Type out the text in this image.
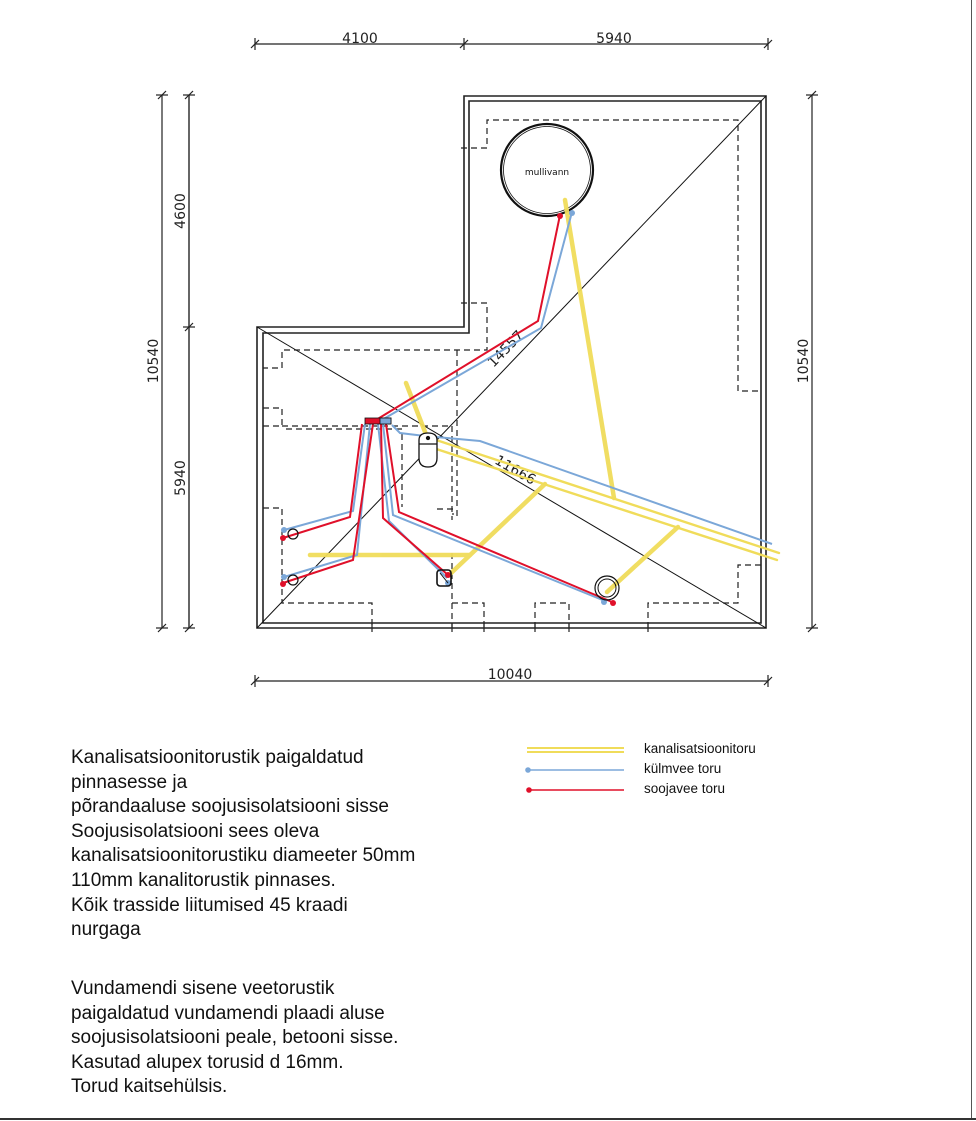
4100	5940
10540
4600
5940
10540
10040
14557
11666
mullivann
Kanalisatsioonitorustik paigaldatud
pinnasesse ja
põrandaaluse soojusisolatsiooni sisse
Soojusisolatsiooni sees oleva
kanalisatsioonitorustiku diameeter 50mm
110mm kanalitorustik pinnases.
Kõik trasside liitumised 45 kraadi
nurgaga
Vundamendi sisene veetorustik
paigaldatud vundamendi plaadi aluse
soojusisolatsiooni peale, betooni sisse.
Kasutad alupex torusid d 16mm.
Torud kaitsehülsis.
kanalisatsioonitoru
külmvee toru
soojavee toru
